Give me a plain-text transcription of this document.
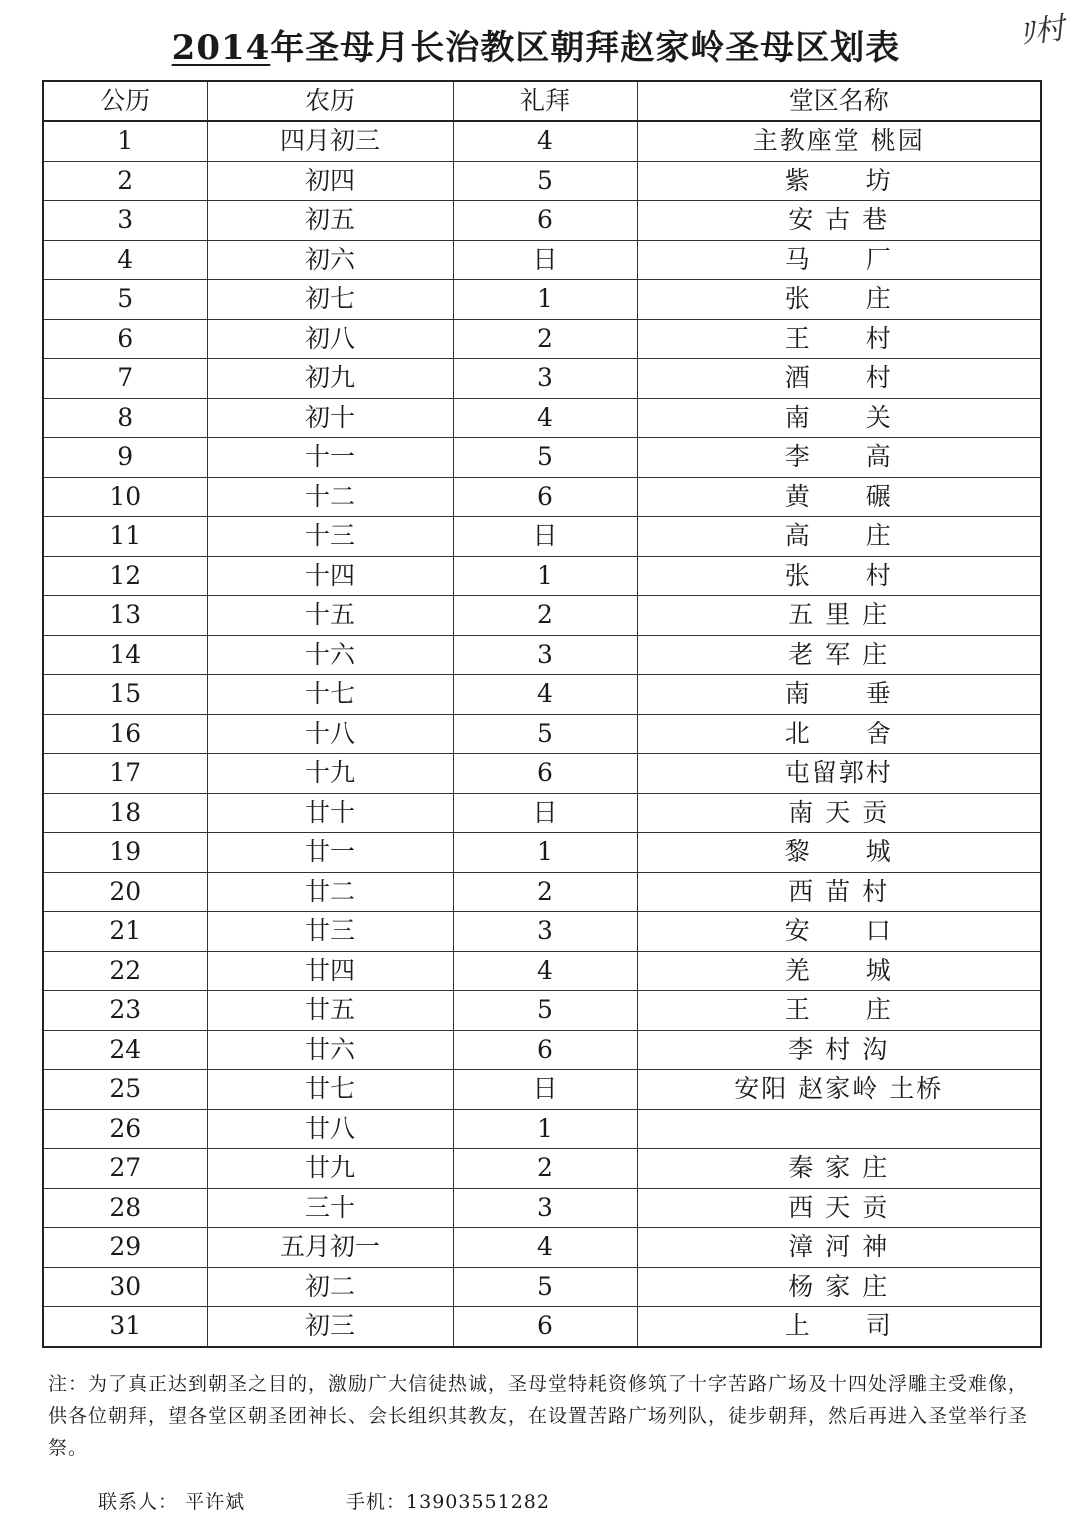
2014年圣母月长治教区朝拜赵家岭圣母区划表	ﾘ村
公历	农历	礼拜	堂区名称
1	四月初三	4	主教座堂 桃园
2	初四	5	紫　　坊
3	初五	6	安 古 巷
4	初六	日	马　　厂
5	初七	1	张　　庄
6	初八	2	王　　村
7	初九	3	酒　　村
8	初十	4	南　　关
9	十一	5	李　　高
10	十二	6	黄　　碾
11	十三	日	高　　庄
12	十四	1	张　　村
13	十五	2	五 里 庄
14	十六	3	老 军 庄
15	十七	4	南　　垂
16	十八	5	北　　舍
17	十九	6	屯留郭村
18	廿十	日	南 天 贡
19	廿一	1	黎　　城
20	廿二	2	西 苗 村
21	廿三	3	安　　口
22	廿四	4	羌　　城
23	廿五	5	王　　庄
24	廿六	6	李 村 沟
25	廿七	日	安阳 赵家岭 土桥
26	廿八	1	
27	廿九	2	秦 家 庄
28	三十	3	西 天 贡
29	五月初一	4	漳 河 神
30	初二	5	杨 家 庄
31	初三	6	上　　司
注：为了真正达到朝圣之目的，激励广大信徒热诚，圣母堂特耗资修筑了十字苦路广场及十四处浮雕主受难像，供各位朝拜，望各堂区朝圣团神长、会长组织其教友，在设置苦路广场列队，徒步朝拜，然后再进入圣堂举行圣祭。
联系人： 平许斌	手机：13903551282
